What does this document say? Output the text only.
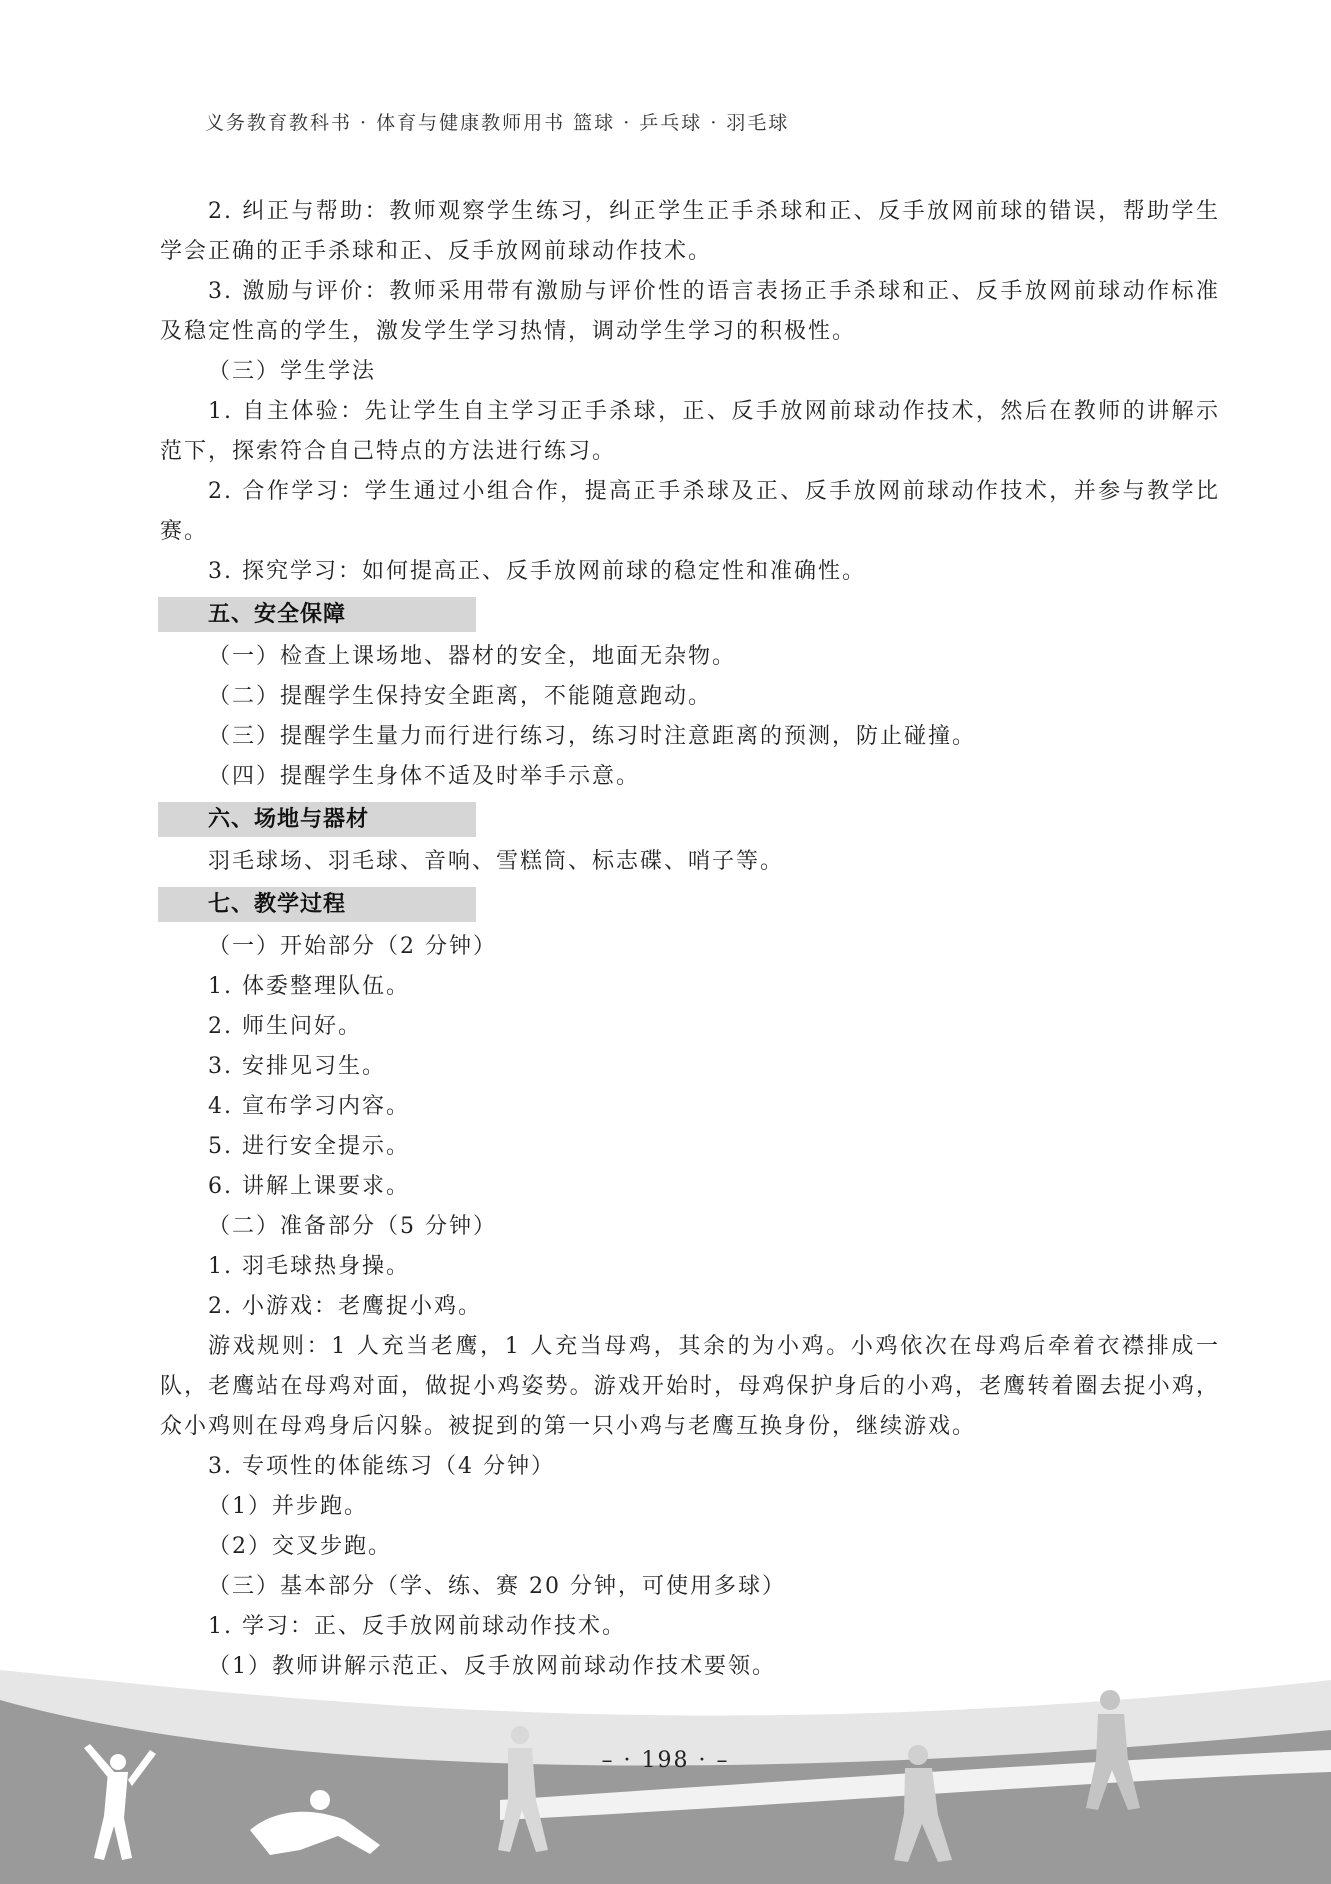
义务教育教科书 · 体育与健康教师用书 篮球 · 乒乓球 · 羽毛球

2. 纠正与帮助：教师观察学生练习，纠正学生正手杀球和正、反手放网前球的错误，帮助学生学会正确的正手杀球和正、反手放网前球动作技术。

3. 激励与评价：教师采用带有激励与评价性的语言表扬正手杀球和正、反手放网前球动作标准及稳定性高的学生，激发学生学习热情，调动学生学习的积极性。

（三）学生学法

1. 自主体验：先让学生自主学习正手杀球，正、反手放网前球动作技术，然后在教师的讲解示范下，探索符合自己特点的方法进行练习。

2. 合作学习：学生通过小组合作，提高正手杀球及正、反手放网前球动作技术，并参与教学比赛。

3. 探究学习：如何提高正、反手放网前球的稳定性和准确性。

五、安全保障

（一）检查上课场地、器材的安全，地面无杂物。

（二）提醒学生保持安全距离，不能随意跑动。

（三）提醒学生量力而行进行练习，练习时注意距离的预测，防止碰撞。

（四）提醒学生身体不适及时举手示意。

六、场地与器材

羽毛球场、羽毛球、音响、雪糕筒、标志碟、哨子等。

七、教学过程

（一）开始部分（2 分钟）

1. 体委整理队伍。

2. 师生问好。

3. 安排见习生。

4. 宣布学习内容。

5. 进行安全提示。

6. 讲解上课要求。

（二）准备部分（5 分钟）

1. 羽毛球热身操。

2. 小游戏：老鹰捉小鸡。

游戏规则：1 人充当老鹰，1 人充当母鸡，其余的为小鸡。小鸡依次在母鸡后牵着衣襟排成一队，老鹰站在母鸡对面，做捉小鸡姿势。游戏开始时，母鸡保护身后的小鸡，老鹰转着圈去捉小鸡，众小鸡则在母鸡身后闪躲。被捉到的第一只小鸡与老鹰互换身份，继续游戏。

3. 专项性的体能练习（4 分钟）

（1）并步跑。

（2）交叉步跑。

（三）基本部分（学、练、赛 20 分钟，可使用多球）

1. 学习：正、反手放网前球动作技术。

（1）教师讲解示范正、反手放网前球动作技术要领。

– · 198 · –
